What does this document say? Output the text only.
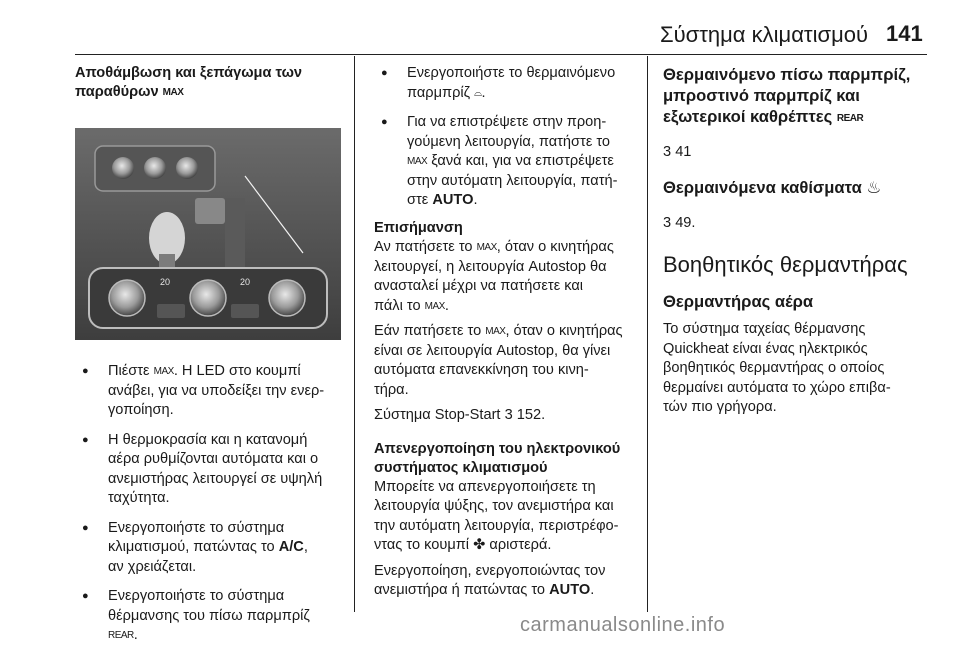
Σύστημα κλιματισμού 141
Αποθάμβωση και ξεπάγωμα των
παραθύρων MAX
20	20
● Πιέστε MAX. Η LED στο κουμπί
ανάβει, για να υποδείξει την ενερ-
γοποίηση.
● Η θερμοκρασία και η κατανομή
αέρα ρυθμίζονται αυτόματα και ο
ανεμιστήρας λειτουργεί σε υψηλή
ταχύτητα.
● Ενεργοποιήστε το σύστημα
κλιματισμού, πατώντας το A/C,
αν χρειάζεται.
● Ενεργοποιήστε το σύστημα
θέρμανσης του πίσω παρμπρίζ
REAR.
● Ενεργοποιήστε το θερμαινόμενο
παρμπρίζ ⌓.
● Για να επιστρέψετε στην προη-
γούμενη λειτουργία, πατήστε το
MAX ξανά και, για να επιστρέψετε
στην αυτόματη λειτουργία, πατή-
στε AUTO.
Επισήμανση
Αν πατήσετε το MAX, όταν ο κινητήρας
λειτουργεί, η λειτουργία Autostop θα
ανασταλεί μέχρι να πατήσετε και
πάλι το MAX.
Εάν πατήσετε το MAX, όταν ο κινητήρας
είναι σε λειτουργία Autostop, θα γίνει
αυτόματα επανεκκίνηση του κινη-
τήρα.
Σύστημα Stop-Start 3 152.
Απενεργοποίηση του ηλεκτρονικού
συστήματος κλιματισμού
Μπορείτε να απενεργοποιήσετε τη
λειτουργία ψύξης, τον ανεμιστήρα και
την αυτόματη λειτουργία, περιστρέφο-
ντας το κουμπί ✤ αριστερά.
Ενεργοποίηση, ενεργοποιώντας τον
ανεμιστήρα ή πατώντας το AUTO.
Θερμαινόμενο πίσω παρμπρίζ,
μπροστινό παρμπρίζ και
εξωτερικοί καθρέπτες REAR
3 41
Θερμαινόμενα καθίσματα ♨
3 49.
Βοηθητικός θερμαντήρας
Θερμαντήρας αέρα
Το σύστημα ταχείας θέρμανσης
Quickheat είναι ένας ηλεκτρικός
βοηθητικός θερμαντήρας ο οποίος
θερμαίνει αυτόματα το χώρο επιβα-
τών πιο γρήγορα.
carmanualsonline.info
